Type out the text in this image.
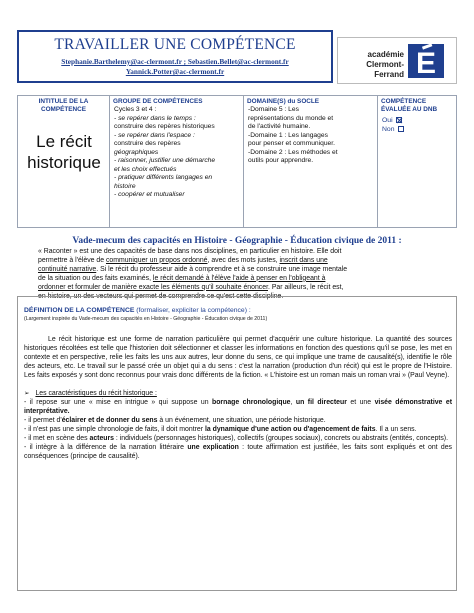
TRAVAILLER UNE COMPÉTENCE
Stephanie.Barthelemy@ac-clermont.fr ; Sebastien.Bellet@ac-clermont.fr
Yannick.Potter@ac-clermont.fr
académie
Clermont-Ferrand E
INTITULE DE LA
COMPÉTENCE
Le récit
historique
GROUPE DE COMPÉTENCES
Cycles 3 et 4 :
- se repérer dans le temps :
construire des repères historiques
- se repérer dans l'espace :
construire des repères
géographiques
- raisonner, justifier une démarche
et les choix effectués
- pratiquer différents langages en
histoire
- coopérer et mutualiser
DOMAINE(S) du SOCLE
-Domaine 5 : Les
représentations du monde et
de l'activité humaine.
-Domaine 1 : Les langages
pour penser et communiquer.
-Domaine 2 : Les méthodes et
outils pour apprendre.
COMPÉTENCE
ÉVALUÉE AU DNB
Oui
Non
Vade-mecum des capacités en Histoire - Géographie - Éducation civique de 2011 :
« Raconter » est une des capacités de base dans nos disciplines, en particulier en histoire. Elle doit
permettre à l'élève de communiquer un propos ordonné, avec des mots justes, inscrit dans une
continuité narrative. Si le récit du professeur aide à comprendre et à se construire une image mentale
de la situation ou des faits examinés, le récit demandé à l'élève l'aide à penser en l'obligeant à
ordonner et formuler de manière exacte les éléments qu'il souhaite énoncer. Par ailleurs, le récit est,
en histoire, un des vecteurs qui permet de comprendre ce qu'est cette discipline.
DÉFINITION DE LA COMPÉTENCE (formaliser, expliciter la compétence) :
(Largement inspirée du Vade-mecum des capacités en Histoire - Géographie - Éducation civique de 2011)

Le récit historique est une forme de narration particulière qui permet d'acquérir une culture historique. La quantité des sources historiques récoltées est telle que l'historien doit sélectionner et classer les informations en fonction des questions qu'il se pose, les met en contexte et en perspective, relie les faits les uns aux autres, leur donne du sens, ce qui implique une trame de causalité(s), identifie le rôle des acteurs, etc. Le travail sur le passé crée un objet qui a du sens : c'est la narration (production d'un récit) qui est le propre de l'Histoire. Les faits exposés y sont donc reconnus pour vrais donc différents de la fiction. « L'histoire est un roman mais un roman vrai » (Paul Veyne).

➢ Les caractéristiques du récit historique :

- il repose sur une « mise en intrigue » qui suppose un bornage chronologique, un fil directeur et une visée démonstrative et interprétative.

- il permet d'éclairer et de donner du sens à un événement, une situation, une période historique.

- il n'est pas une simple chronologie de faits, il doit montrer la dynamique d'une action ou d'agencement de faits. Il a un sens.

- il met en scène des acteurs : individuels (personnages historiques), collectifs (groupes sociaux), concrets ou abstraits (entités, concepts).

- il intègre à la différence de la narration littéraire une explication : toute affirmation est justifiée, les faits sont expliqués et ont des conséquences (principe de causalité).
